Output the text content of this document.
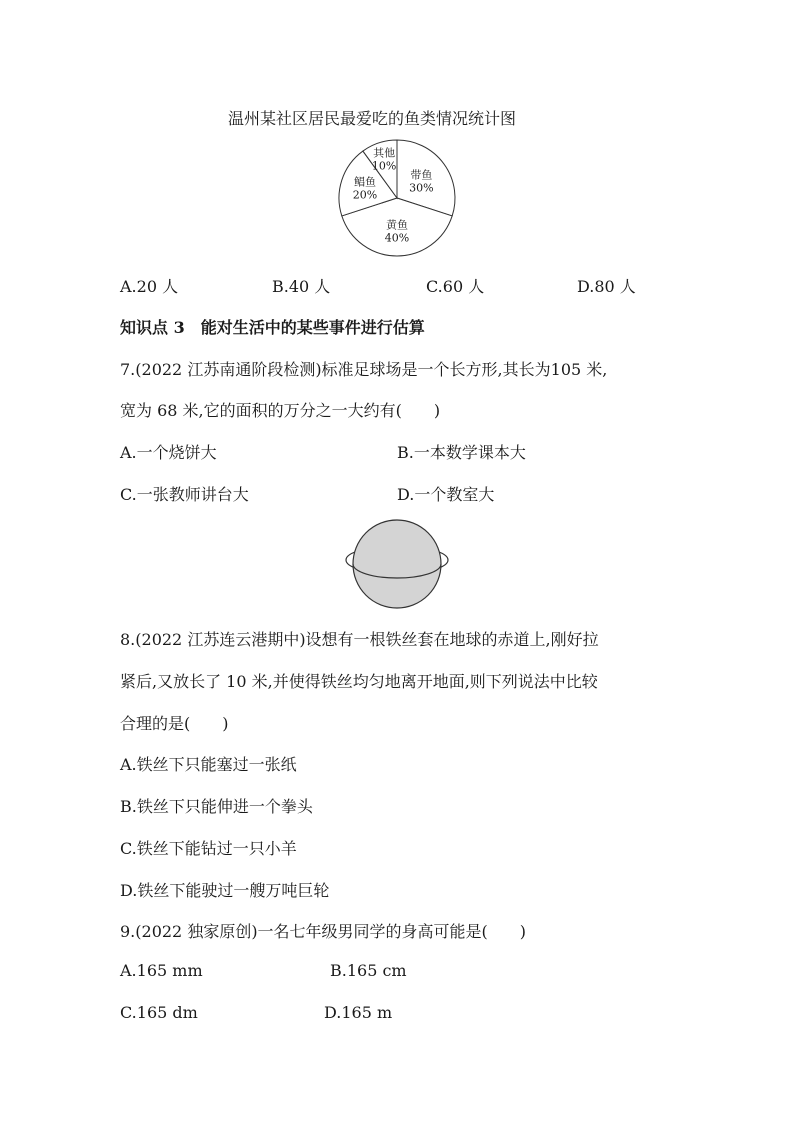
温州某社区居民最爱吃的鱼类情况统计图
带鱼
30%
黄鱼
40%
鲳鱼
20%
其他
10%
A.20 人	B.40 人	C.60 人	D.80 人
知识点 3　能对生活中的某些事件进行估算
7.(2022 江苏南通阶段检测)标准足球场是一个长方形,其长为105 米,
宽为 68 米,它的面积的万分之一大约有(　　)
A.一个烧饼大	B.一本数学课本大
C.一张教师讲台大	D.一个教室大
8.(2022 江苏连云港期中)设想有一根铁丝套在地球的赤道上,刚好拉
紧后,又放长了 10 米,并使得铁丝均匀地离开地面,则下列说法中比较
合理的是(　　)
A.铁丝下只能塞过一张纸
B.铁丝下只能伸进一个拳头
C.铁丝下能钻过一只小羊
D.铁丝下能驶过一艘万吨巨轮
9.(2022 独家原创)一名七年级男同学的身高可能是(　　)
A.165 mm	B.165 cm
C.165 dm	D.165 m
